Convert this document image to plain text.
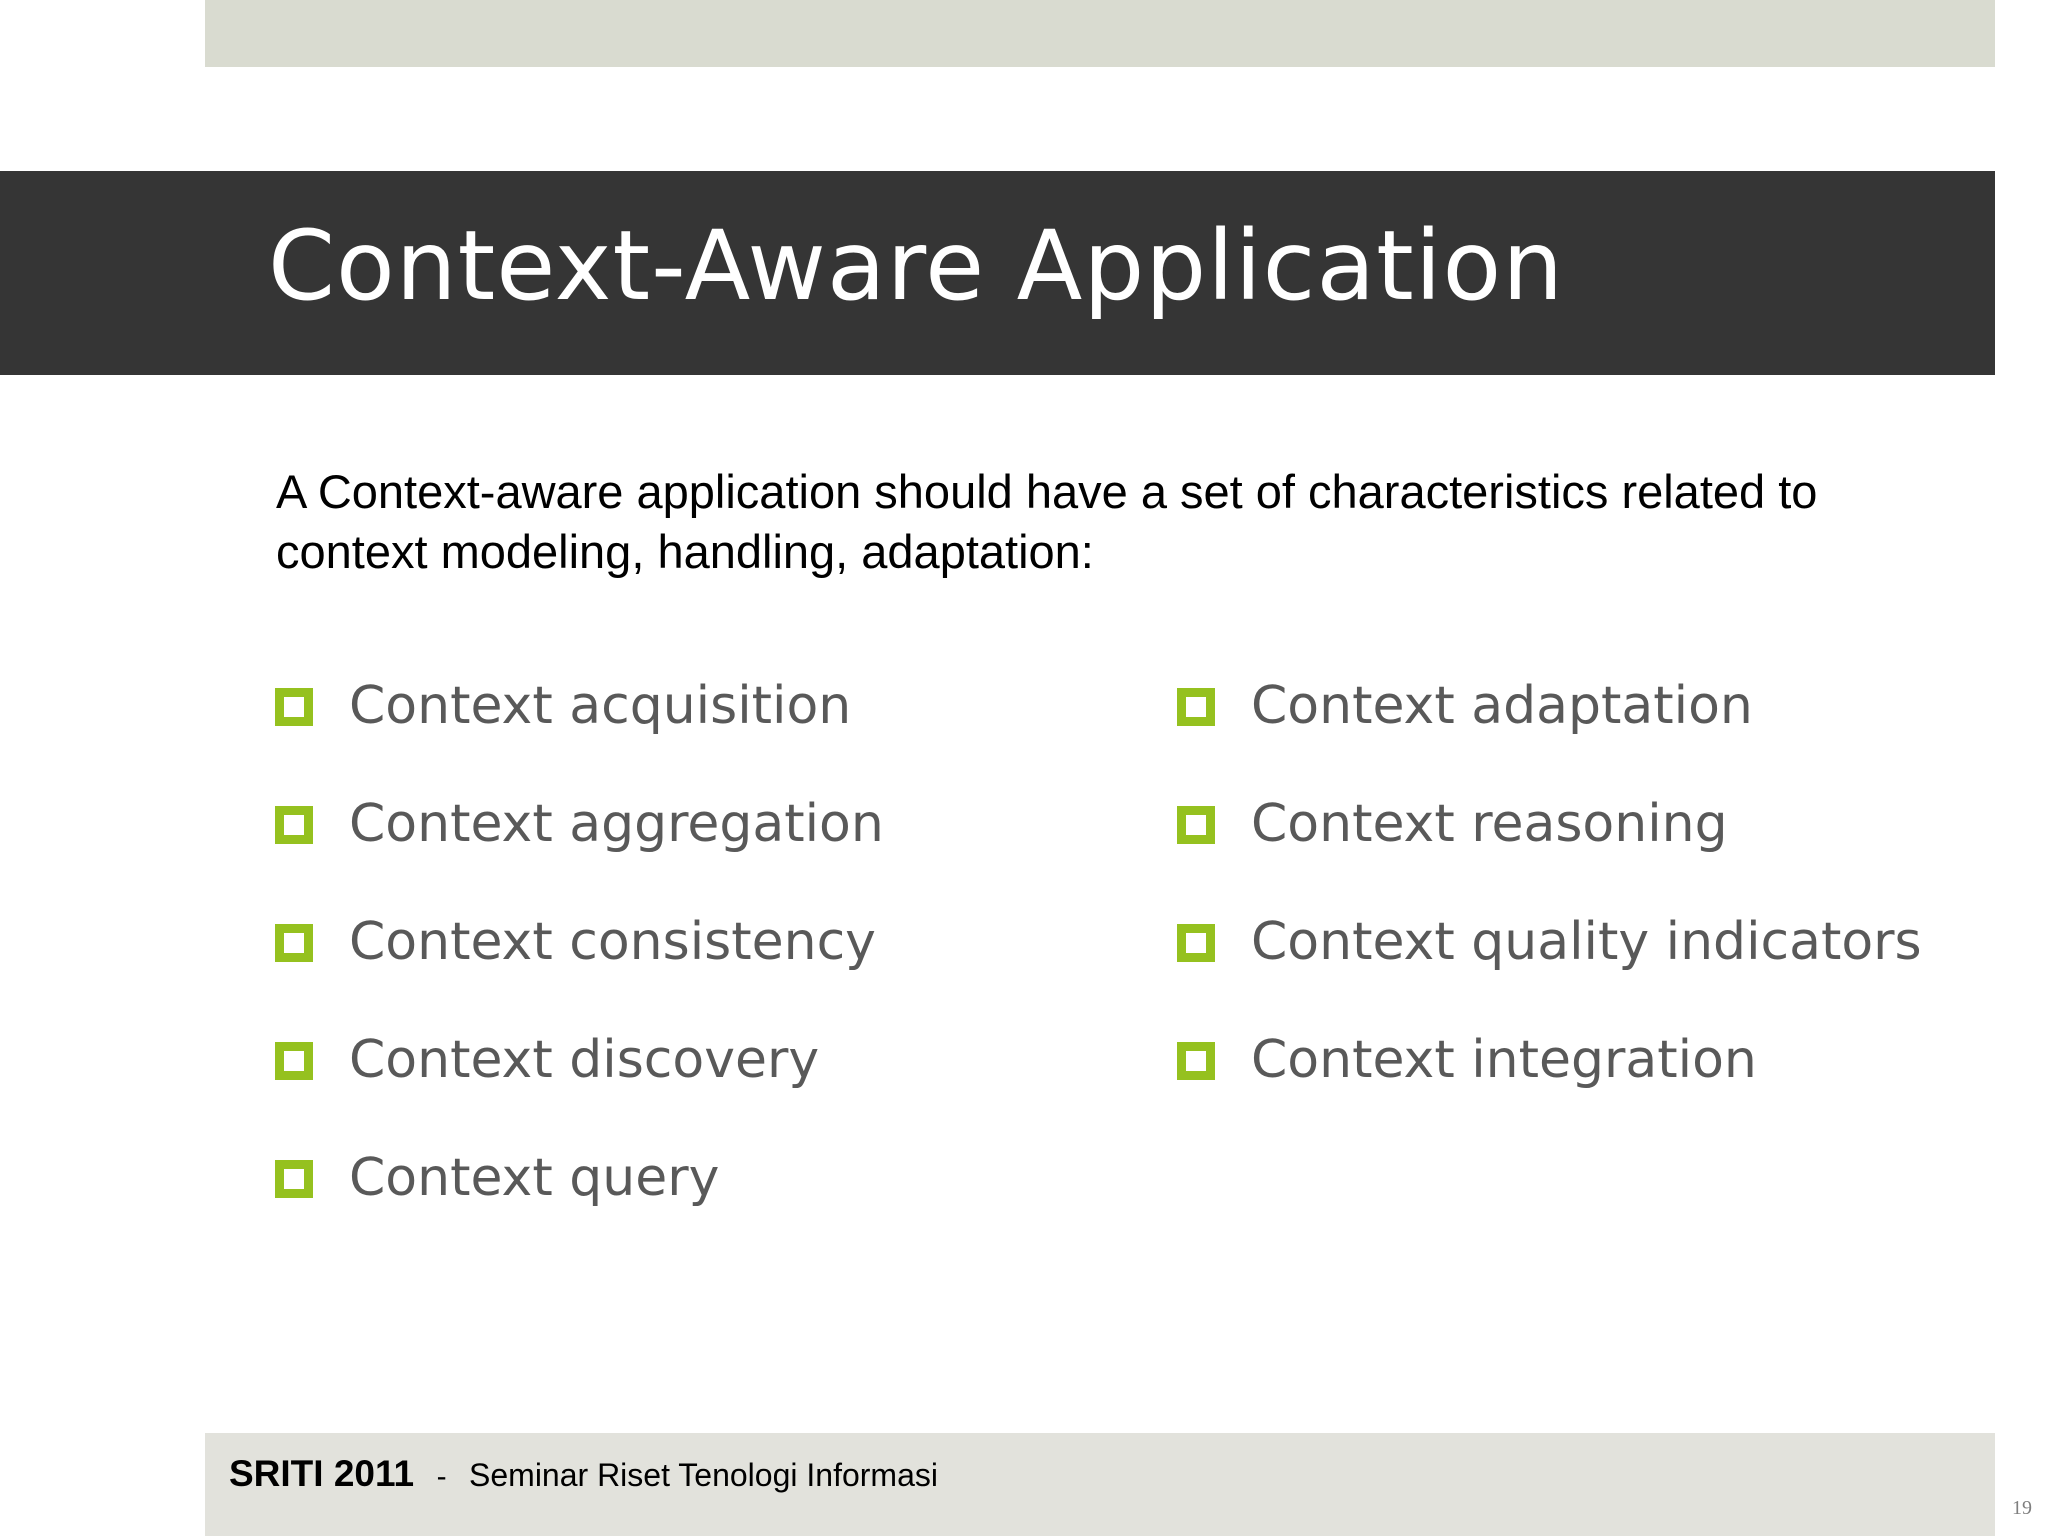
Context-Aware Application

A Context-aware application should have a set of characteristics related to context modeling, handling, adaptation:

Context acquisition
Context aggregation
Context consistency
Context discovery
Context query
Context adaptation
Context reasoning
Context quality indicators
Context integration
SRITI 2011 - Seminar Riset Tenologi Informasi
19
